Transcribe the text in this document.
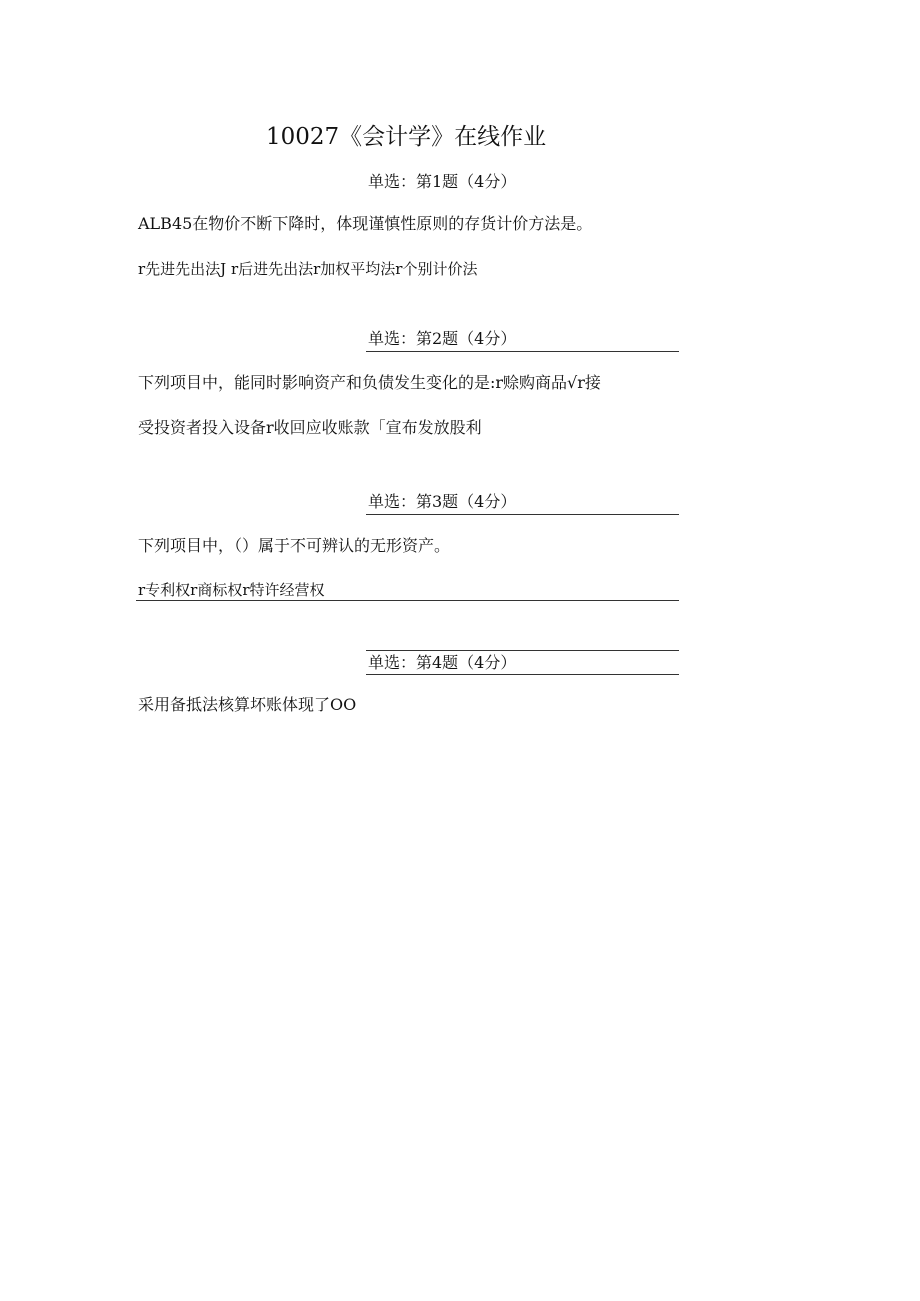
10027《会计学》在线作业
单选：第1题（4分）
ALB45在物价不断下降时，体现谨慎性原则的存货计价方法是。
r先进先出法J r后进先出法r加权平均法r个别计价法
单选：第2题（4分）
下列项目中，能同时影响资产和负债发生变化的是:r赊购商品√r接
受投资者投入设备r收回应收账款「宣布发放股利
单选：第3题（4分）
下列项目中，（）属于不可辨认的无形资产。
r专利权r商标权r特许经营权
单选：第4题（4分）
采用备抵法核算坏账体现了OO
